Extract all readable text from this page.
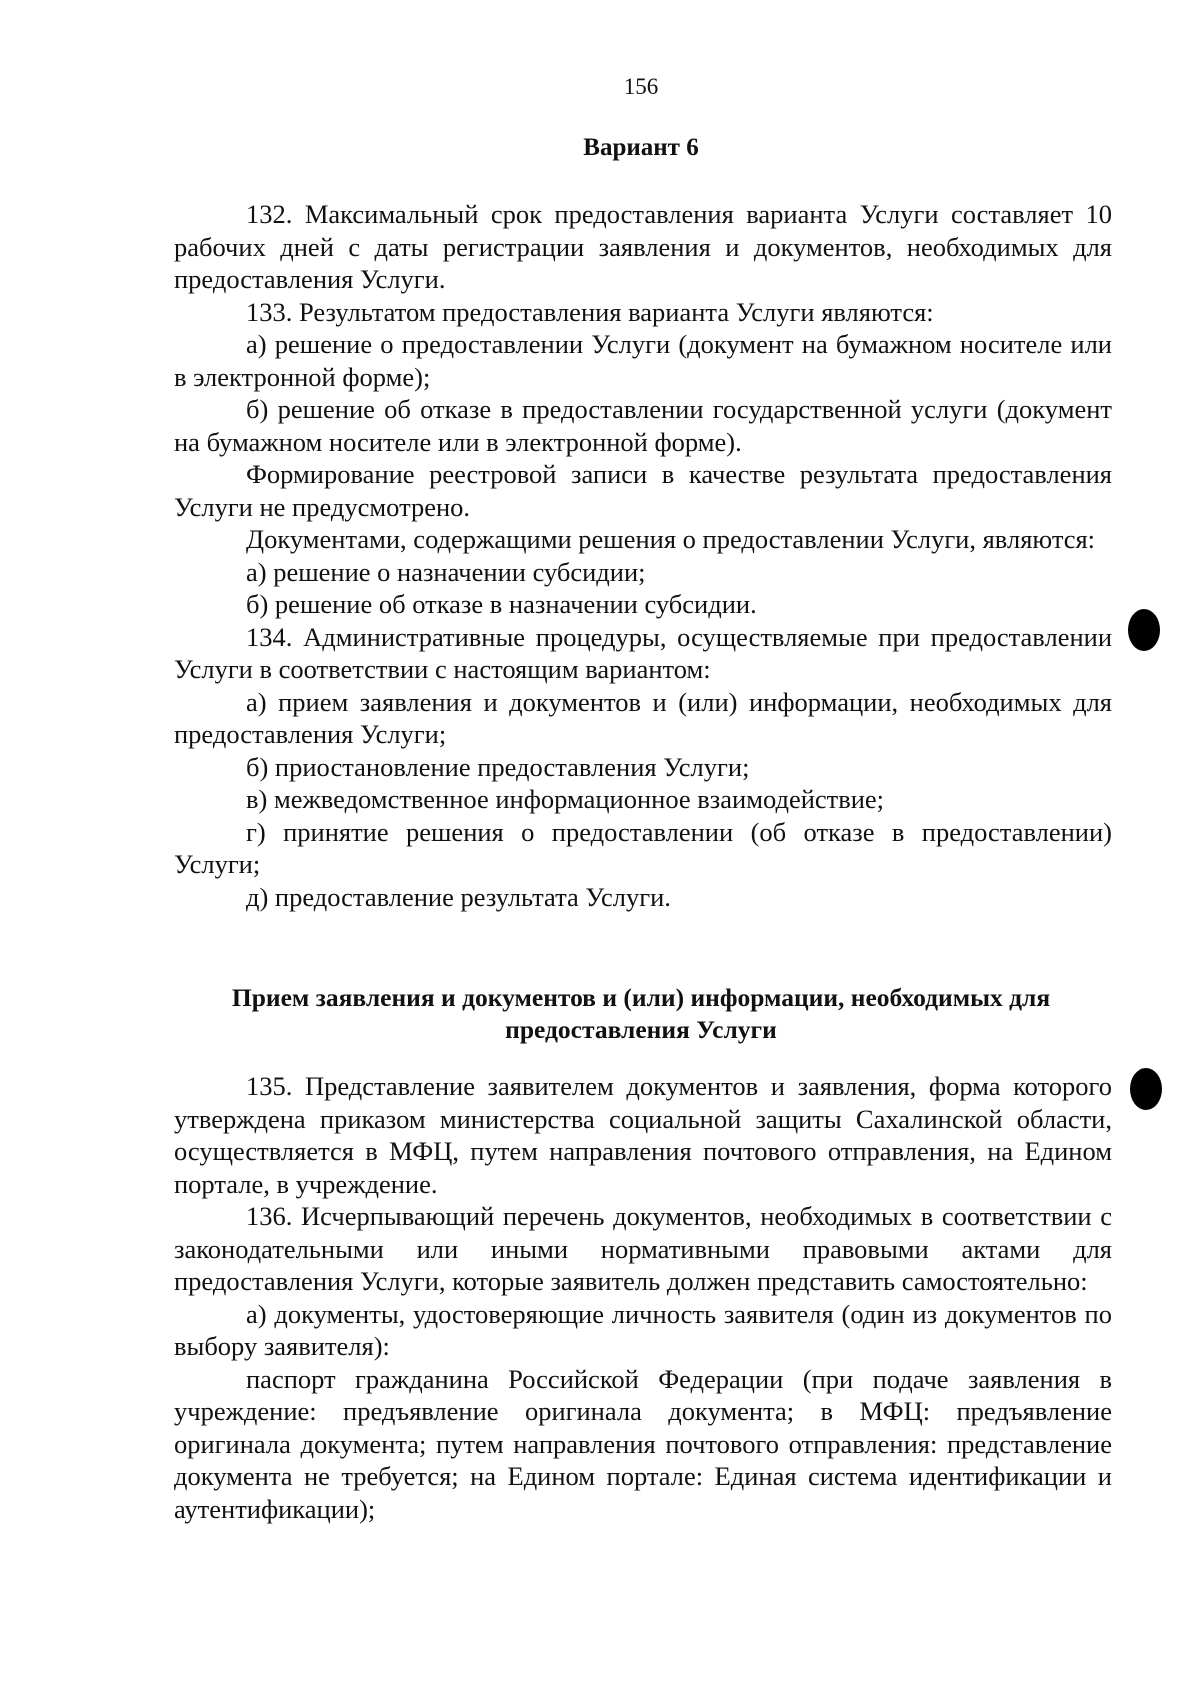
156
Вариант 6

132. Максимальный срок предоставления варианта Услуги составляет 10 рабочих дней с даты регистрации заявления и документов, необходимых для предоставления Услуги.

133. Результатом предоставления варианта Услуги являются:

а) решение о предоставлении Услуги (документ на бумажном носителе или в электронной форме);

б) решение об отказе в предоставлении государственной услуги (документ на бумажном носителе или в электронной форме).

Формирование реестровой записи в качестве результата предоставления Услуги не предусмотрено.

Документами, содержащими решения о предоставлении Услуги, являются:

а) решение о назначении субсидии;

б) решение об отказе в назначении субсидии.

134. Административные процедуры, осуществляемые при предоставлении Услуги в соответствии с настоящим вариантом:

а) прием заявления и документов и (или) информации, необходимых для предоставления Услуги;

б) приостановление предоставления Услуги;

в) межведомственное информационное взаимодействие;

г) принятие решения о предоставлении (об отказе в предоставлении) Услуги;

д) предоставление результата Услуги.

Прием заявления и документов и (или) информации, необходимых для предоставления Услуги

135. Представление заявителем документов и заявления, форма которого утверждена приказом министерства социальной защиты Сахалинской области, осуществляется в МФЦ, путем направления почтового отправления, на Едином портале, в учреждение.

136. Исчерпывающий перечень документов, необходимых в соответствии с законодательными или иными нормативными правовыми актами для предоставления Услуги, которые заявитель должен представить самостоятельно:

а) документы, удостоверяющие личность заявителя (один из документов по выбору заявителя):

паспорт гражданина Российской Федерации (при подаче заявления в учреждение: предъявление оригинала документа; в МФЦ: предъявление оригинала документа; путем направления почтового отправления: представление документа не требуется; на Едином портале: Единая система идентификации и аутентификации);
